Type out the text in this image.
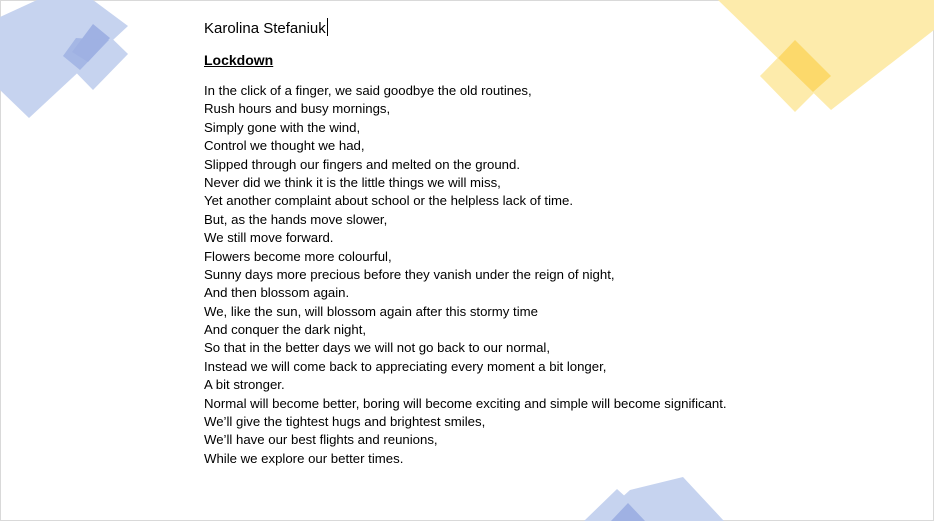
Karolina Stefaniuk
Lockdown
In the click of a finger, we said goodbye the old routines,
Rush hours and busy mornings,
Simply gone with the wind,
Control we thought we had,
Slipped through our fingers and melted on the ground.
Never did we think it is the little things we will miss,
Yet another complaint about school or the helpless lack of time.
But, as the hands move slower,
We still move forward.
Flowers become more colourful,
Sunny days more precious before they vanish under the reign of night,
And then blossom again.
We, like the sun, will blossom again after this stormy time
And conquer the dark night,
So that in the better days we will not go back to our normal,
Instead we will come back to appreciating every moment a bit longer,
A bit stronger.
Normal will become better, boring will become exciting and simple will become significant.
We’ll give the tightest hugs and brightest smiles,
We’ll have our best flights and reunions,
While we explore our better times.
